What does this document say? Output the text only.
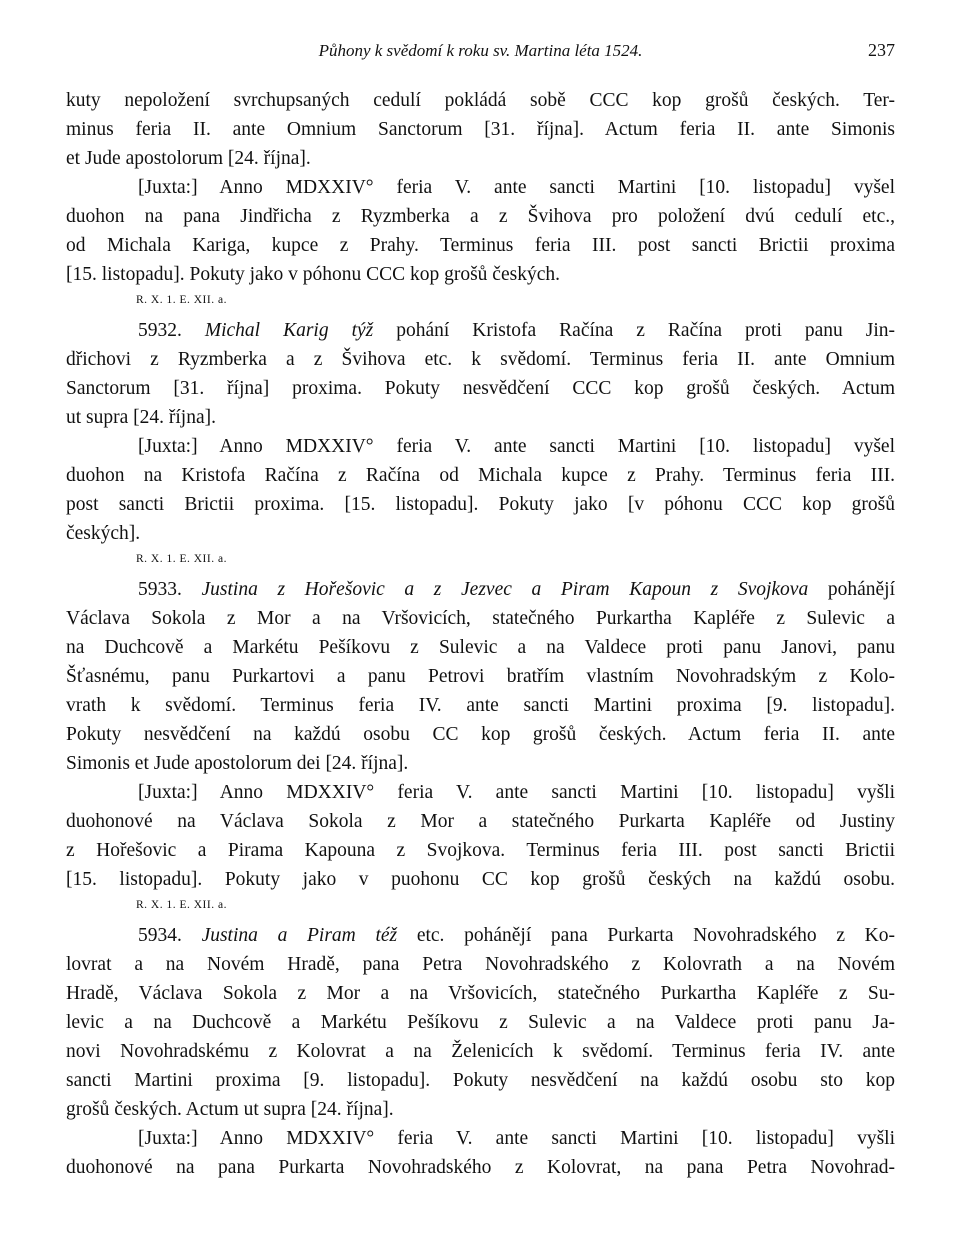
Půhony k svědomí k roku sv. Martina léta 1524.	237
kuty nepoložení svrchupsaných cedulí pokládá sobě CCC kop grošů českých. Ter-
minus feria II. ante Omnium Sanctorum [31. října]. Actum feria II. ante Simonis
et Jude apostolorum [24. října].
[Juxta:] Anno MDXXIV° feria V. ante sancti Martini [10. listopadu] vyšel
duohon na pana Jindřicha z Ryzmberka a z Švihova pro položení dvú cedulí etc.,
od Michala Kariga, kupce z Prahy. Terminus feria III. post sancti Brictii proxima
[15. listopadu]. Pokuty jako v póhonu CCC kop grošů českých.
R. X. 1. E. XII. a.
5932. Michal Karig týž pohání Kristofa Račína z Račína proti panu Jin-
dřichovi z Ryzmberka a z Švihova etc. k svědomí. Terminus feria II. ante Omnium
Sanctorum [31. října] proxima. Pokuty nesvědčení CCC kop grošů českých. Actum
ut supra [24. října].
[Juxta:] Anno MDXXIV° feria V. ante sancti Martini [10. listopadu] vyšel
duohon na Kristofa Račína z Račína od Michala kupce z Prahy. Terminus feria III.
post sancti Brictii proxima. [15. listopadu]. Pokuty jako [v póhonu CCC kop grošů
českých].
R. X. 1. E. XII. a.
5933. Justina z Hořešovic a z Jezvec a Piram Kapoun z Svojkova pohánějí
Václava Sokola z Mor a na Vršovicích, statečného Purkartha Kapléře z Sulevic a
na Duchcově a Markétu Pešíkovu z Sulevic a na Valdece proti panu Janovi, panu
Šťasnému, panu Purkartovi a panu Petrovi bratřím vlastním Novohradským z Kolo-
vrath k svědomí. Terminus feria IV. ante sancti Martini proxima [9. listopadu].
Pokuty nesvědčení na každú osobu CC kop grošů českých. Actum feria II. ante
Simonis et Jude apostolorum dei [24. října].
[Juxta:] Anno MDXXIV° feria V. ante sancti Martini [10. listopadu] vyšli
duohonové na Václava Sokola z Mor a statečného Purkarta Kapléře od Justiny
z Hořešovic a Pirama Kapouna z Svojkova. Terminus feria III. post sancti Brictii
[15. listopadu]. Pokuty jako v puohonu CC kop grošů českých na každú osobu.
R. X. 1. E. XII. a.
5934. Justina a Piram též etc. pohánějí pana Purkarta Novohradského z Ko-
lovrat a na Novém Hradě, pana Petra Novohradského z Kolovrath a na Novém
Hradě, Václava Sokola z Mor a na Vršovicích, statečného Purkartha Kapléře z Su-
levic a na Duchcově a Markétu Pešíkovu z Sulevic a na Valdece proti panu Ja-
novi Novohradskému z Kolovrat a na Želenicích k svědomí. Terminus feria IV. ante
sancti Martini proxima [9. listopadu]. Pokuty nesvědčení na každú osobu sto kop
grošů českých. Actum ut supra [24. října].
[Juxta:] Anno MDXXIV° feria V. ante sancti Martini [10. listopadu] vyšli
duohonové na pana Purkarta Novohradského z Kolovrat, na pana Petra Novohrad-
